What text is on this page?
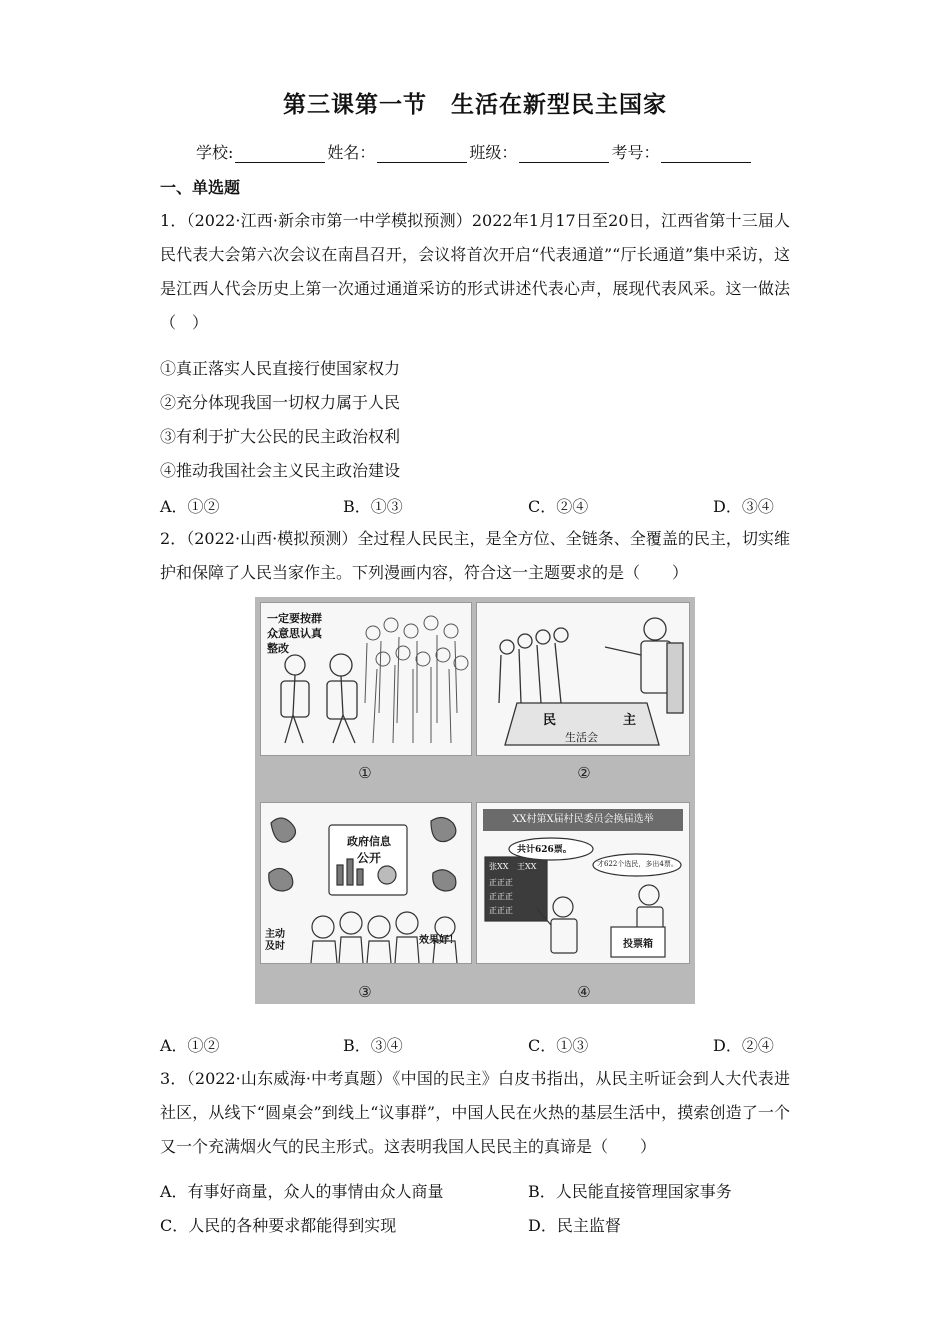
第三课第一节　生活在新型民主国家
学校:	姓名：	班级：	考号：
一、单选题
1．（2022·江西·新余市第一中学模拟预测）2022年1月17日至20日，江西省第十三届人民代表大会第六次会议在南昌召开，会议将首次开启“代表通道”“厅长通道”集中采访，这是江西人代会历史上第一次通过通道采访的形式讲述代表心声，展现代表风采。这一做法（　）
①真正落实人民直接行使国家权力
②充分体现我国一切权力属于人民
③有利于扩大公民的民主政治权利
④推动我国社会主义民主政治建设
A．①②	B．①③	C．②④	D．③④
2．（2022·山西·模拟预测）全过程人民民主，是全方位、全链条、全覆盖的民主，切实维护和保障了人民当家作主。下列漫画内容，符合这一主题要求的是（　　）
一定要按群众意思认真整改
民	主
生活会
①	②
政府信息
公开
主动及时
效果好！
XX村第X届村民委员会换届选举
共计626票。
才622个选民，多出4票。
张XX 王XX
正正正
正正正
正正正
投票箱
③	④
A．①②	B．③④	C．①③	D．②④
3．（2022·山东威海·中考真题）《中国的民主》白皮书指出，从民主听证会到人大代表进社区，从线下“圆桌会”到线上“议事群”，中国人民在火热的基层生活中，摸索创造了一个又一个充满烟火气的民主形式。这表明我国人民民主的真谛是（　　）
A．有事好商量，众人的事情由众人商量	B．人民能直接管理国家事务
C．人民的各种要求都能得到实现	D．民主监督
